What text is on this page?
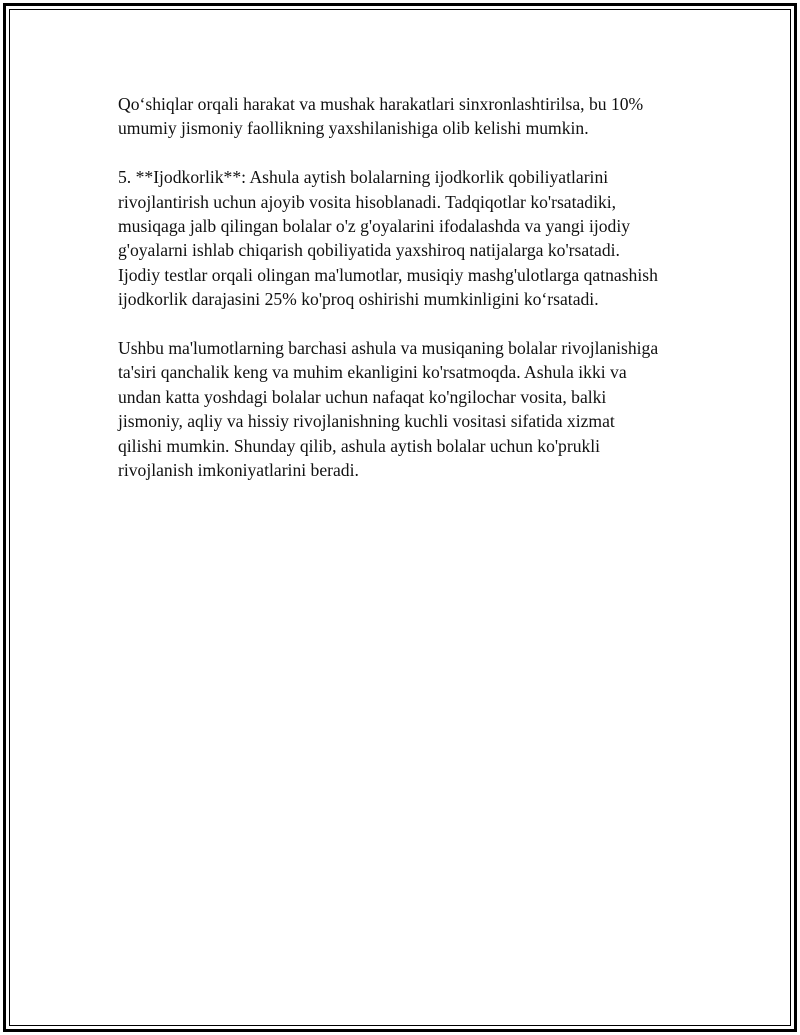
Qo‘shiqlar orqali harakat va mushak harakatlari sinxronlashtirilsa, bu 10%
umumiy jismoniy faollikning yaxshilanishiga olib kelishi mumkin.

5. **Ijodkorlik**: Ashula aytish bolalarning ijodkorlik qobiliyatlarini
rivojlantirish uchun ajoyib vosita hisoblanadi. Tadqiqotlar ko'rsatadiki,
musiqaga jalb qilingan bolalar o'z g'oyalarini ifodalashda va yangi ijodiy
g'oyalarni ishlab chiqarish qobiliyatida yaxshiroq natijalarga ko'rsatadi.
Ijodiy testlar orqali olingan ma'lumotlar, musiqiy mashg'ulotlarga qatnashish
ijodkorlik darajasini 25% ko'proq oshirishi mumkinligini ko‘rsatadi.

Ushbu ma'lumotlarning barchasi ashula va musiqaning bolalar rivojlanishiga
ta'siri qanchalik keng va muhim ekanligini ko'rsatmoqda. Ashula ikki va
undan katta yoshdagi bolalar uchun nafaqat ko'ngilochar vosita, balki
jismoniy, aqliy va hissiy rivojlanishning kuchli vositasi sifatida xizmat
qilishi mumkin. Shunday qilib, ashula aytish bolalar uchun ko'prukli
rivojlanish imkoniyatlarini beradi.
